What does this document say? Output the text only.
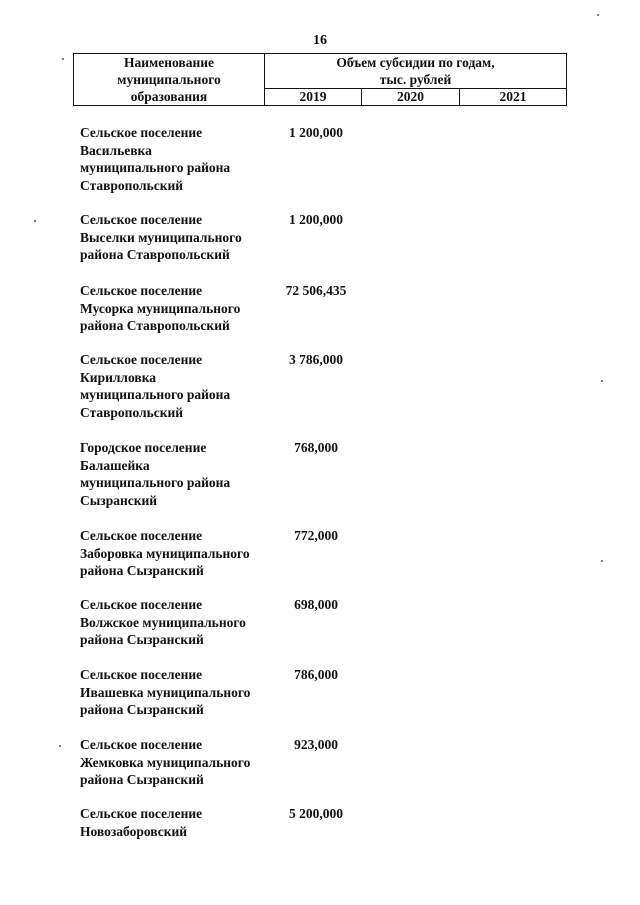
16
Наименование
муниципального
образования
Объем субсидии по годам,
тыс. рублей
2019	2020	2021
Сельское поселение
Васильевка
муниципального района
Ставропольский
1 200,000
Сельское поселение
Выселки муниципального
района Ставропольский
1 200,000
Сельское поселение
Мусорка муниципального
района Ставропольский
72 506,435
Сельское поселение
Кирилловка
муниципального района
Ставропольский
3 786,000
Городское поселение
Балашейка
муниципального района
Сызранский
768,000
Сельское поселение
Заборовка муниципального
района Сызранский
772,000
Сельское поселение
Волжское муниципального
района Сызранский
698,000
Сельское поселение
Ивашевка муниципального
района Сызранский
786,000
Сельское поселение
Жемковка муниципального
района Сызранский
923,000
Сельское поселение
Новозаборовский
5 200,000
